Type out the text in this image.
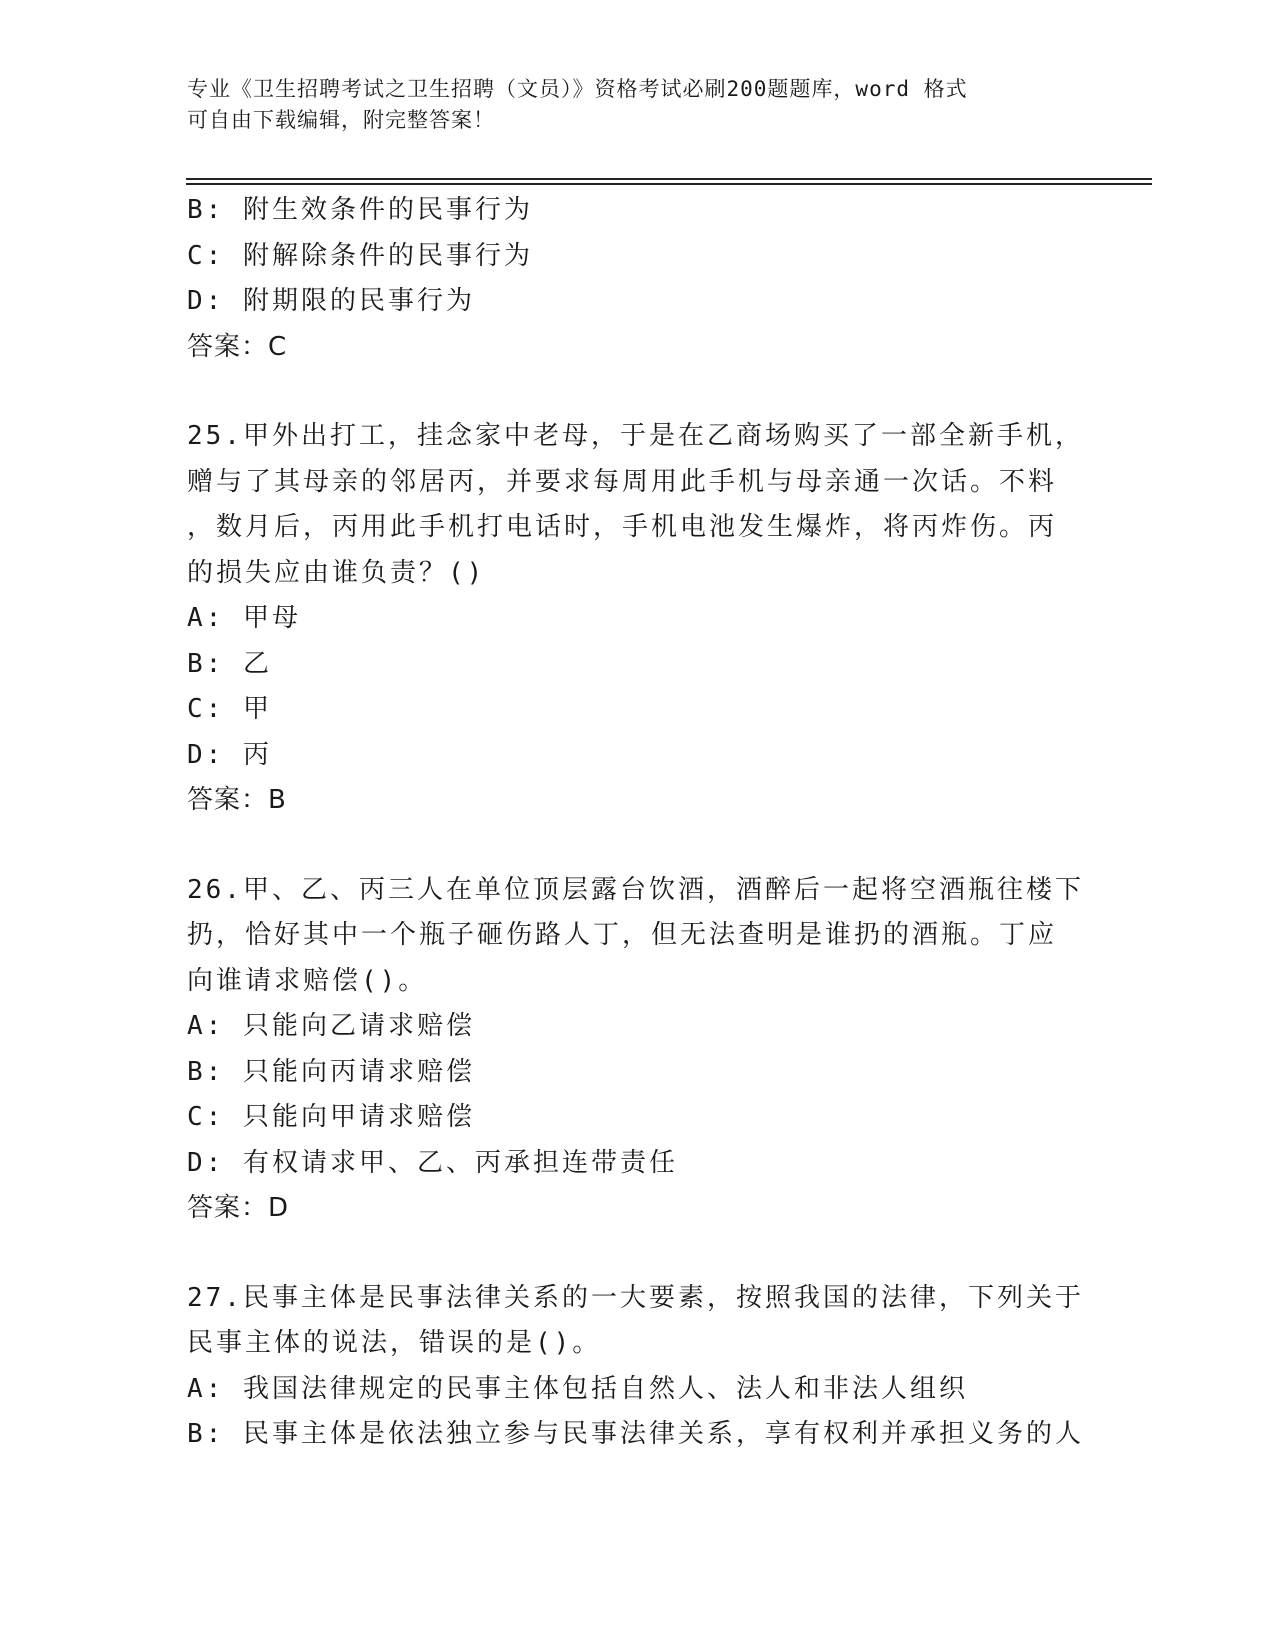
专业《卫生招聘考试之卫生招聘（文员）》资格考试必刷200题题库，word 格式
可自由下载编辑，附完整答案！
B: 附生效条件的民事行为
C: 附解除条件的民事行为
D: 附期限的民事行为
答案：C
25.甲外出打工，挂念家中老母，于是在乙商场购买了一部全新手机，
赠与了其母亲的邻居丙，并要求每周用此手机与母亲通一次话。不料
，数月后，丙用此手机打电话时，手机电池发生爆炸，将丙炸伤。丙
的损失应由谁负责？()
A: 甲母
B: 乙
C: 甲
D: 丙
答案：B
26.甲、乙、丙三人在单位顶层露台饮酒，酒醉后一起将空酒瓶往楼下
扔，恰好其中一个瓶子砸伤路人丁，但无法查明是谁扔的酒瓶。丁应
向谁请求赔偿()。
A: 只能向乙请求赔偿
B: 只能向丙请求赔偿
C: 只能向甲请求赔偿
D: 有权请求甲、乙、丙承担连带责任
答案：D
27.民事主体是民事法律关系的一大要素，按照我国的法律，下列关于
民事主体的说法，错误的是()。
A: 我国法律规定的民事主体包括自然人、法人和非法人组织
B: 民事主体是依法独立参与民事法律关系，享有权利并承担义务的人
